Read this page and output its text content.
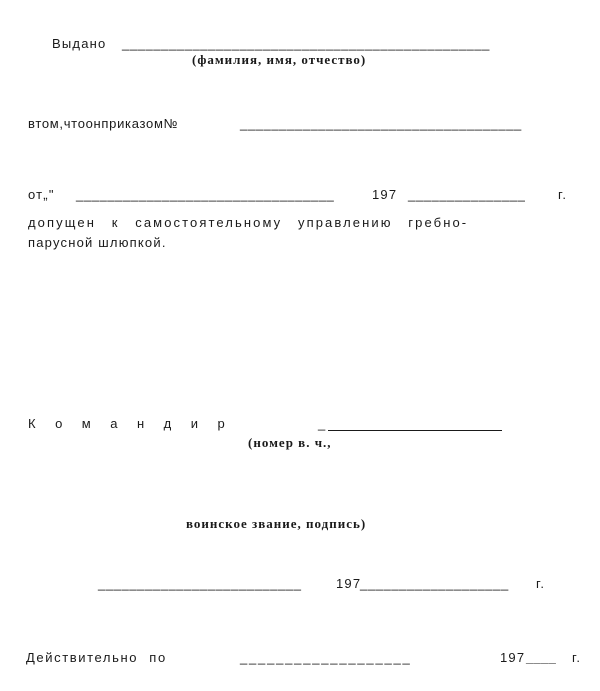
Выдано _______________________________________________
(фамилия, имя, отчество)
втом,чтоонприказом№	____________________________________
от„" _________________________________	197 _______________	г.
допущен к самостоятельному управлению гребно-
парусной шлюпкой.
Командир	_
(номер в. ч.,
воинское звание, подпись)
__________________________	197
___________________ г.
Действительно по	___________________	197 ____ г.
